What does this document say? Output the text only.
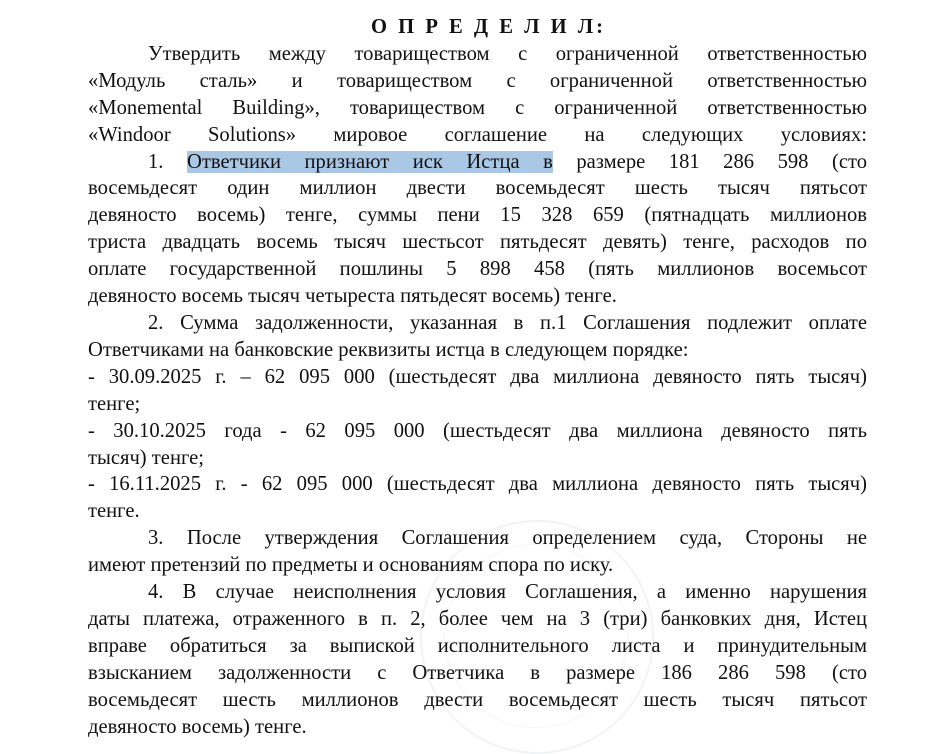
О П Р Е Д Е Л И Л:
Утвердить между товариществом с ограниченной ответственностью
«Модуль сталь» и товариществом с ограниченной ответственностью
«Monemental Building», товариществом с ограниченной ответственностью
«Windoor Solutions» мировое соглашение на следующих условиях:
1. Ответчики признают иск Истца в размере 181 286 598 (сто
восемьдесят один миллион двести восемьдесят шесть тысяч пятьсот
девяносто восемь) тенге, суммы пени 15 328 659 (пятнадцать миллионов
триста двадцать восемь тысяч шестьсот пятьдесят девять) тенге, расходов по
оплате государственной пошлины 5 898 458 (пять миллионов восемьсот
девяносто восемь тысяч четыреста пятьдесят восемь) тенге.
2. Сумма задолженности, указанная в п.1 Соглашения подлежит оплате
Ответчиками на банковские реквизиты истца в следующем порядке:
- 30.09.2025 г. – 62 095 000 (шестьдесят два миллиона девяносто пять тысяч)
тенге;
- 30.10.2025 года - 62 095 000 (шестьдесят два миллиона девяносто пять
тысяч) тенге;
- 16.11.2025 г. - 62 095 000 (шестьдесят два миллиона девяносто пять тысяч)
тенге.
3. После утверждения Соглашения определением суда, Стороны не
имеют претензий по предметы и основаниям спора по иску.
4. В случае неисполнения условия Соглашения, а именно нарушения
даты платежа, отраженного в п. 2, более чем на 3 (три) банковких дня, Истец
вправе обратиться за выпиской исполнительного листа и принудительным
взысканием задолженности с Ответчика в размере 186 286 598 (сто
восемьдесят шесть миллионов двести восемьдесят шесть тысяч пятьсот
девяносто восемь) тенге.
